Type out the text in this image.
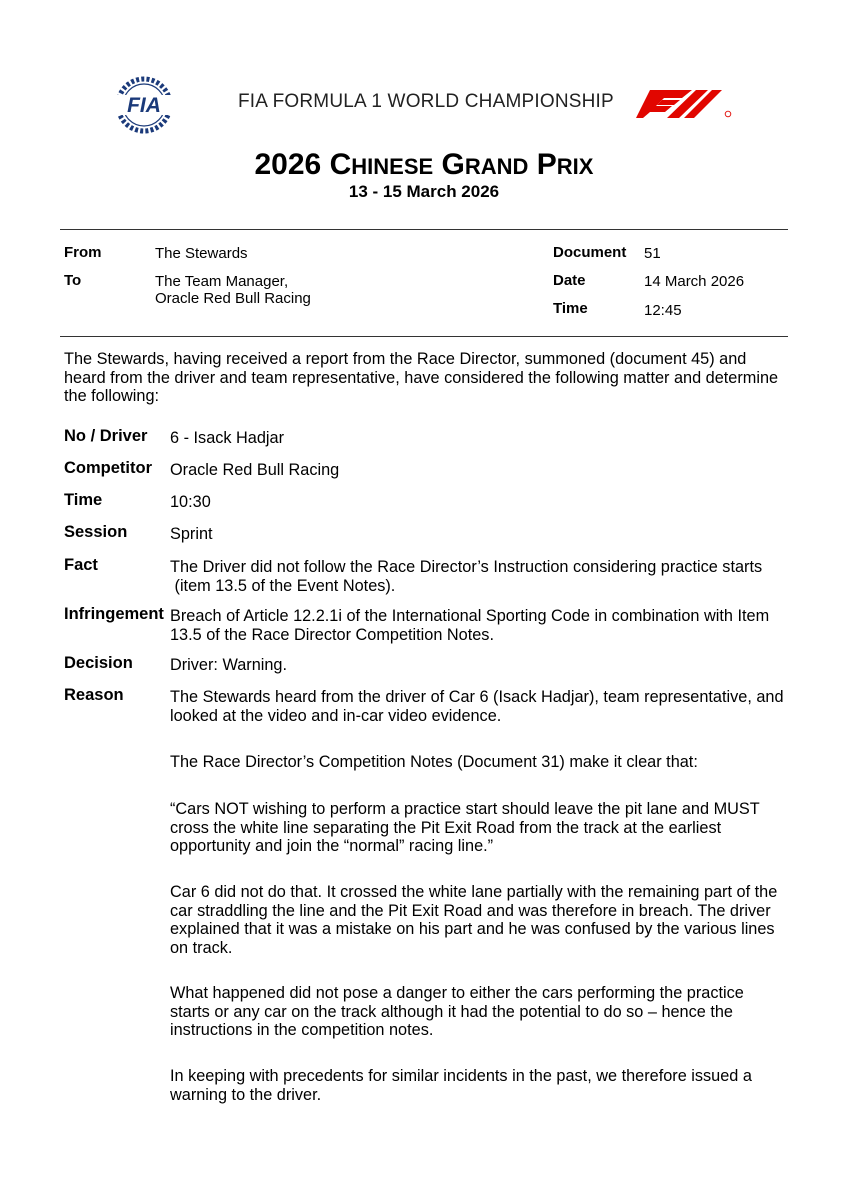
FIA	FIA FORMULA 1 WORLD CHAMPIONSHIP
2026 CHINESE GRAND PRIX
13 - 15 March 2026
From	The Stewards
To	The Team Manager,
Oracle Red Bull Racing
Document 51
Date	14 March 2026
Time	12:45
The Stewards, having received a report from the Race Director, summoned (document 45) and heard from the driver and team representative, have considered the following matter and determine the following:
No / Driver 6 - Isack Hadjar
Competitor Oracle Red Bull Racing
Time	10:30
Session	Sprint
Fact	The Driver did not follow the Race Director’s Instruction considering practice starts
(item 13.5 of the Event Notes).
Infringement Breach of Article 12.2.1i of the International Sporting Code in combination with Item 13.5 of the Race Director Competition Notes.
Decision Driver: Warning.
Reason	The Stewards heard from the driver of Car 6 (Isack Hadjar), team representative, and looked at the video and in-car video evidence.

The Race Director’s Competition Notes (Document 31) make it clear that:

“Cars NOT wishing to perform a practice start should leave the pit lane and MUST cross the white line separating the Pit Exit Road from the track at the earliest opportunity and join the “normal” racing line.”

Car 6 did not do that. It crossed the white lane partially with the remaining part of the car straddling the line and the Pit Exit Road and was therefore in breach. The driver explained that it was a mistake on his part and he was confused by the various lines on track.

What happened did not pose a danger to either the cars performing the practice starts or any car on the track although it had the potential to do so – hence the instructions in the competition notes.

In keeping with precedents for similar incidents in the past, we therefore issued a warning to the driver.
